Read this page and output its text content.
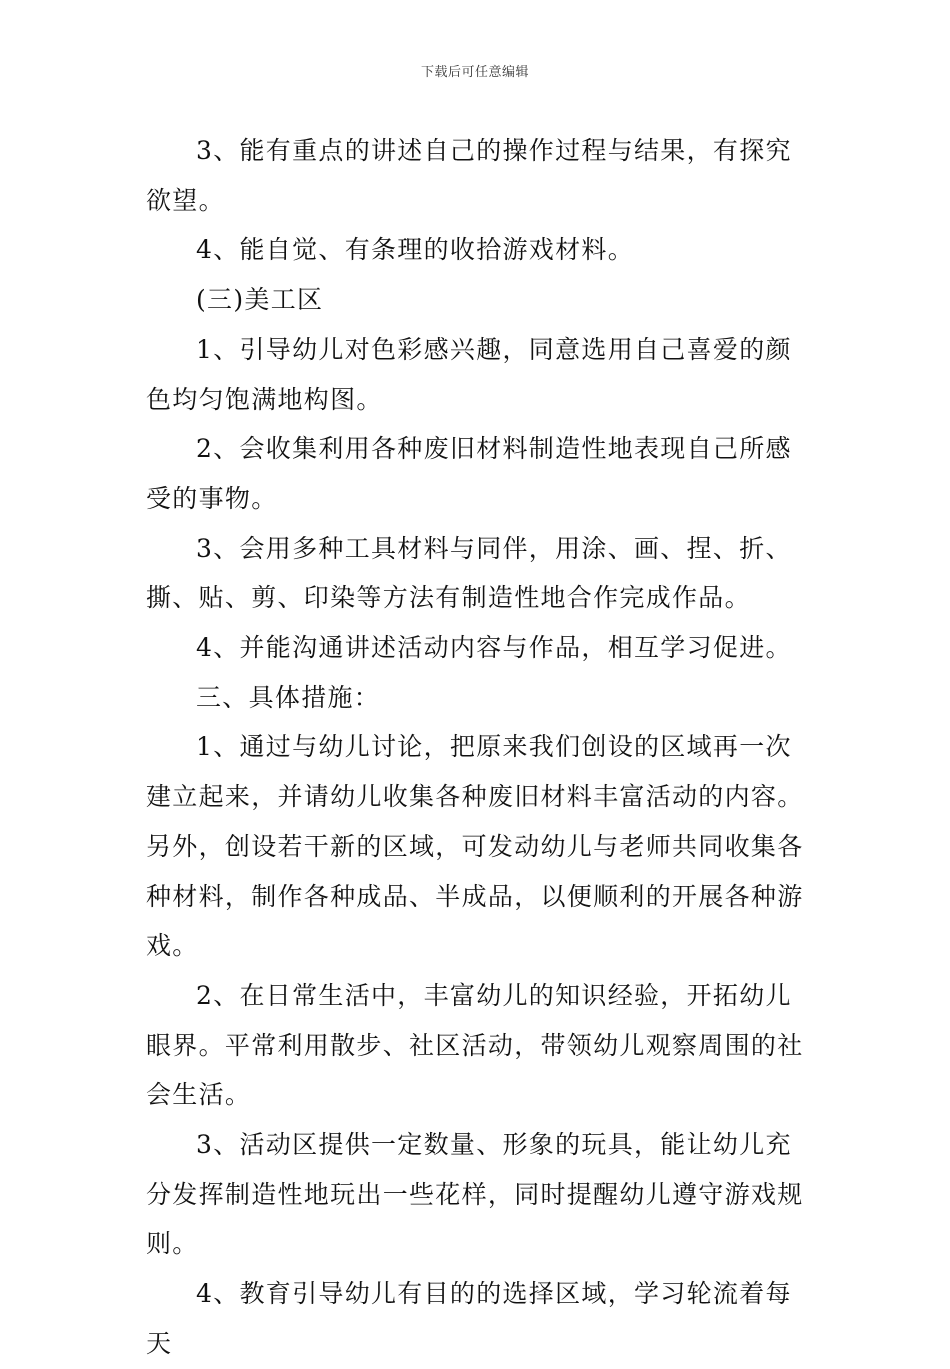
下载后可任意编辑

3、能有重点的讲述自己的操作过程与结果，有探究欲望。

4、能自觉、有条理的收拾游戏材料。

(三)美工区

1、引导幼儿对色彩感兴趣，同意选用自己喜爱的颜色均匀饱满地构图。

2、会收集利用各种废旧材料制造性地表现自己所感受的事物。

3、会用多种工具材料与同伴，用涂、画、捏、折、撕、贴、剪、印染等方法有制造性地合作完成作品。

4、并能沟通讲述活动内容与作品，相互学习促进。

三、具体措施：

1、通过与幼儿讨论，把原来我们创设的区域再一次建立起来，并请幼儿收集各种废旧材料丰富活动的内容。另外，创设若干新的区域，可发动幼儿与老师共同收集各种材料，制作各种成品、半成品，以便顺利的开展各种游戏。

2、在日常生活中，丰富幼儿的知识经验，开拓幼儿眼界。平常利用散步、社区活动，带领幼儿观察周围的社会生活。

3、活动区提供一定数量、形象的玩具，能让幼儿充分发挥制造性地玩出一些花样，同时提醒幼儿遵守游戏规则。

4、教育引导幼儿有目的的选择区域，学习轮流着每天
